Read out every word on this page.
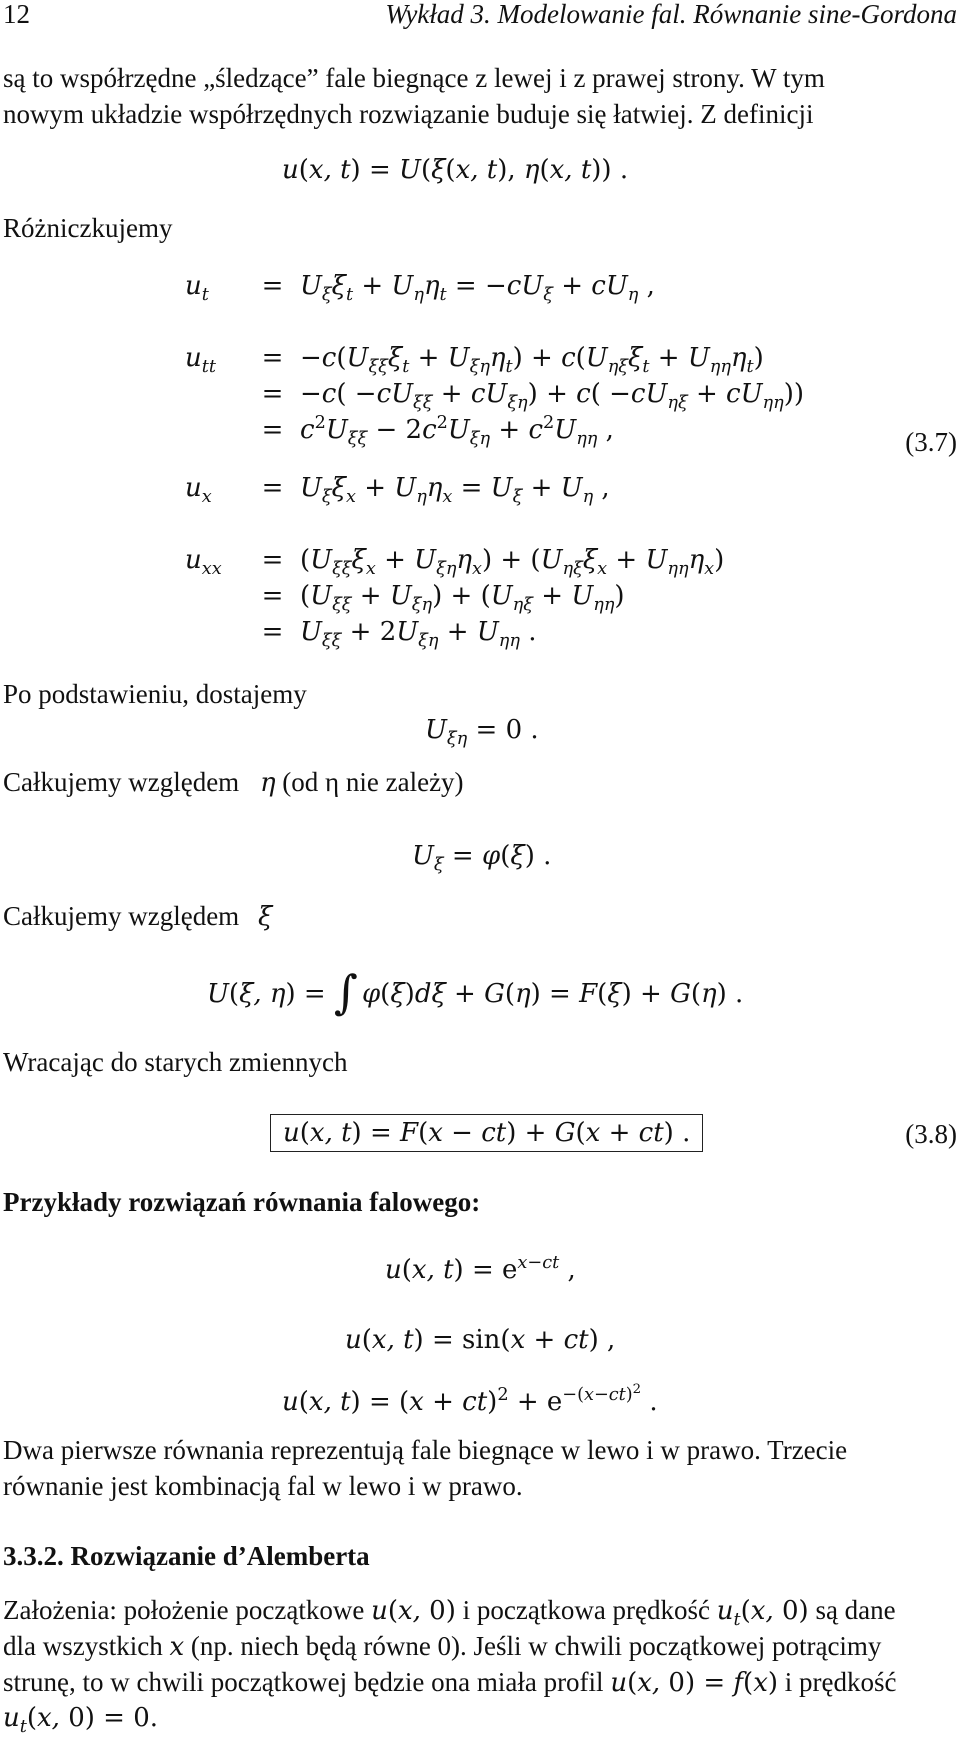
12	Wykład 3. Modelowanie fal. Równanie sine-Gordona
są to współrzędne „śledzące” fale biegnące z lewej i z prawej strony. W tym
nowym układzie współrzędnych rozwiązanie buduje się łatwiej. Z definicji
u(x, t) = U(ξ(x, t), η(x, t)) .
Różniczkujemy
$u_t$	= $U_\xi\xi_t + U_\eta\eta_t = -cU_\xi + cU_\eta$ ,
$u_{tt}$	= $-c(U_{\xi\xi}\xi_t + U_{\xi\eta}\eta_t) + c(U_{\eta\xi}\xi_t + U_{\eta\eta}\eta_t)$
= $-c( -cU_{\xi\xi} + cU_{\xi\eta}) + c( -cU_{\eta\xi} + cU_{\eta\eta})$)
= $c^2U_{\xi\xi} - 2c^2U_{\xi\eta} + c^2U_{\eta\eta}$ ,
$u_x$	= $U_\xi\xi_x + U_\eta\eta_x = U_\xi + U_\eta$ ,
$u_{xx}$	= $(U_{\xi\xi}\xi_x + U_{\xi\eta}\eta_x) + (U_{\eta\xi}\xi_x + U_{\eta\eta}\eta_x)$
= $(U_{\xi\xi} + U_{\xi\eta}) + (U_{\eta\xi} + U_{\eta\eta})$
= $U_{\xi\xi} + 2U_{\xi\eta} + U_{\eta\eta}$ .
(3.7)
Po podstawieniu, dostajemy
$U_{\xi\eta} = 0$ .
Całkujemy względem η (od η nie zależy)
$U_\xi = \varphi(\xi)$ .
Całkujemy względem ξ
U(ξ, η) = ∫ φ(ξ)dξ + G(η) = F(ξ) + G(η) .
Wracając do starych zmiennych
u(x, t) = F(x − ct) + G(x + ct) .	(3.8)
Przykłady rozwiązań równania falowego:
u(x, $t) = e^{x-ct}$ ,
u(x, t) = sin(x + ct) ,
u(x, $t) = (x + ct)^2 + e^{-(x-ct)^2}$ .
Dwa pierwsze równania reprezentują fale biegnące w lewo i w prawo. Trzecie
równanie jest kombinacją fal w lewo i w prawo.
3.3.2. Rozwiązanie d’Alemberta
Założenia: położenie początkowe u(x, 0) i początkowa prędkość $u_t(x$, 0) są dane
dla wszystkich x (np. niech będą równe 0). Jeśli w chwili początkowej potrącimy
strunę, to w chwili początkowej będzie ona miała profil u(x, 0) = f(x) i prędkość
$u_t(x$, 0) = 0.
